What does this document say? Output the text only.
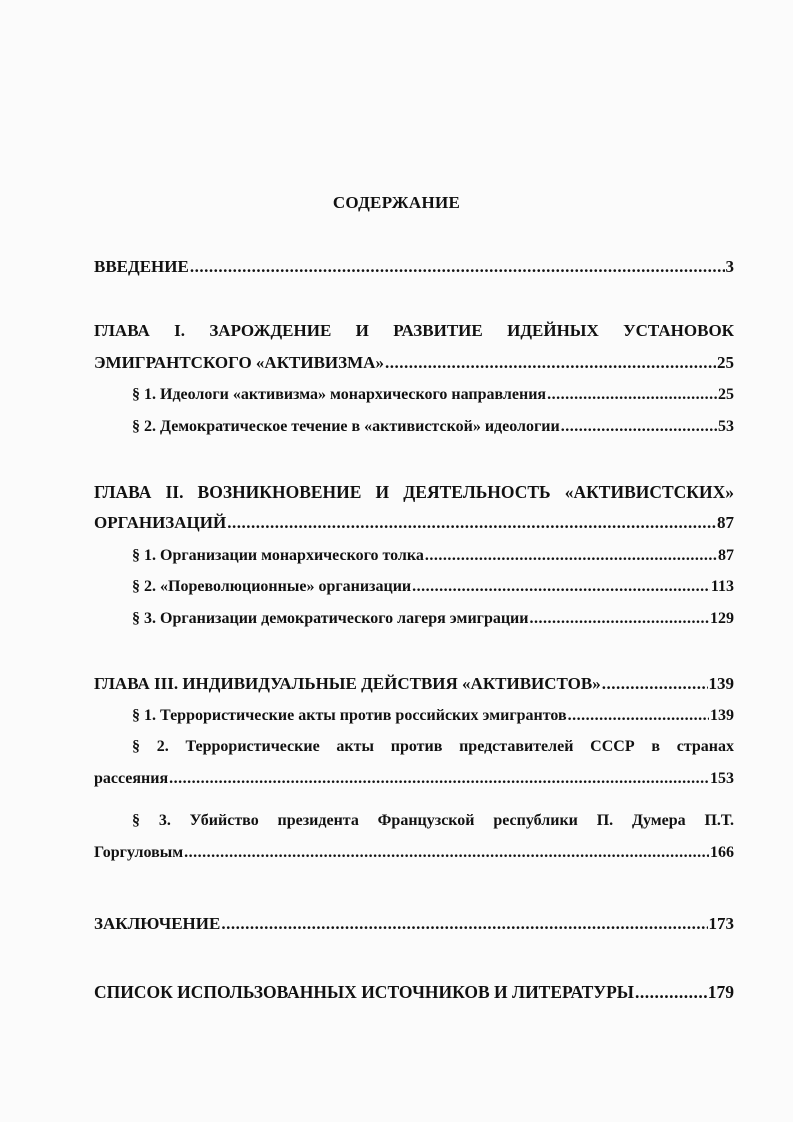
СОДЕРЖАНИЕ
ВВЕДЕНИЕ .....	3
ГЛАВА I. ЗАРОЖДЕНИЕ И РАЗВИТИЕ ИДЕЙНЫХ УСТАНОВОК
ЭМИГРАНТСКОГО «АКТИВИЗМА» .....	25
§ 1. Идеологи «активизма» монархического направления .....	25
§ 2. Демократическое течение в «активистской» идеологии .....	53
ГЛАВА II. ВОЗНИКНОВЕНИЕ И ДЕЯТЕЛЬНОСТЬ «АКТИВИСТСКИХ»
ОРГАНИЗАЦИЙ .....	87
§ 1. Организации монархического толка .....	87
§ 2. «Пореволюционные» организации .....	113
§ 3. Организации демократического лагеря эмиграции .....	129
ГЛАВА III. ИНДИВИДУАЛЬНЫЕ ДЕЙСТВИЯ «АКТИВИСТОВ» .....	139
§ 1. Террористические акты против российских эмигрантов .....	139
§ 2. Террористические акты против представителей СССР в странах
рассеяния .....	153
§ 3. Убийство президента Французской республики П. Думера П.Т.
Горгуловым .....	166
ЗАКЛЮЧЕНИЕ .....	173
СПИСОК ИСПОЛЬЗОВАННЫХ ИСТОЧНИКОВ И ЛИТЕРАТУРЫ .....	179
